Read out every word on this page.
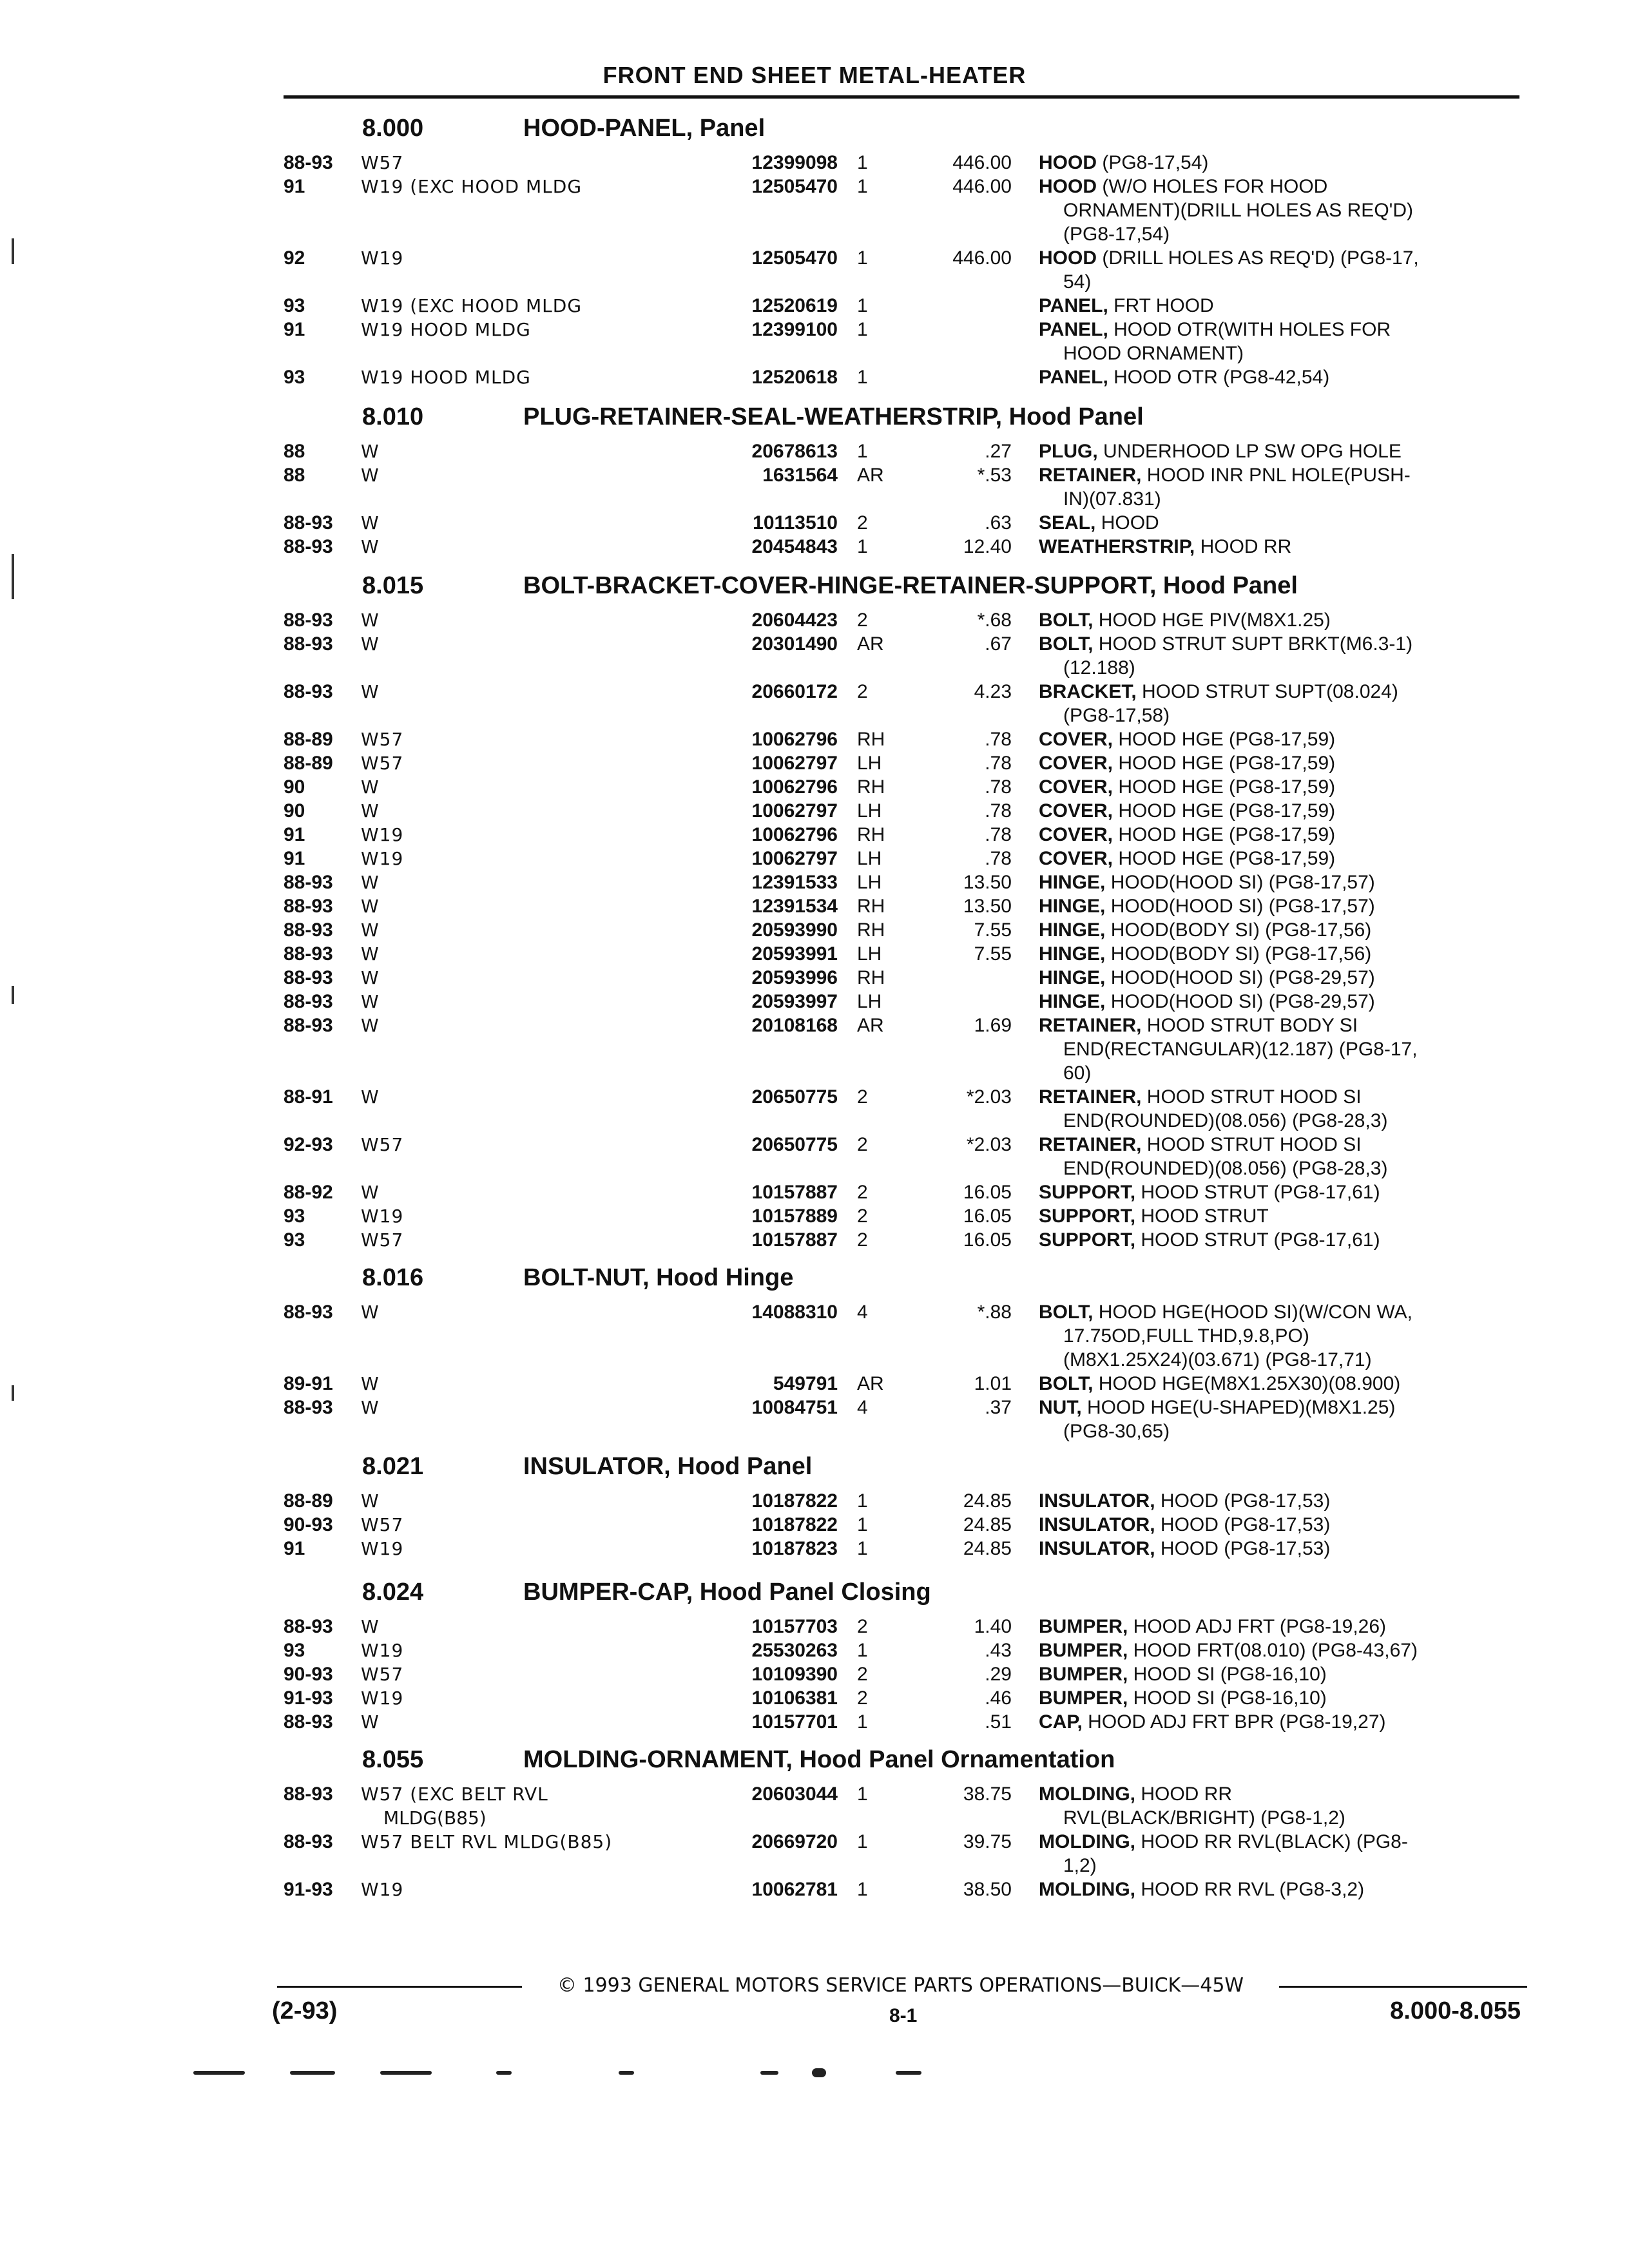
FRONT END SHEET METAL-HEATER
8.000	HOOD-PANEL, Panel
88-93	W57	12399098 1	446.00 HOOD (PG8-17,54)
91	W19 (EXC HOOD MLDG	12505470 1	446.00 HOOD (W/O HOLES FOR HOOD
ORNAMENT)(DRILL HOLES AS REQ'D)
(PG8-17,54)
92	W19	12505470 1	446.00 HOOD (DRILL HOLES AS REQ'D) (PG8-17,
54)
93	W19 (EXC HOOD MLDG	12520619 1	PANEL, FRT HOOD
91	W19 HOOD MLDG	12399100 1	PANEL, HOOD OTR(WITH HOLES FOR
HOOD ORNAMENT)
93	W19 HOOD MLDG	12520618 1	PANEL, HOOD OTR (PG8-42,54)
8.010	PLUG-RETAINER-SEAL-WEATHERSTRIP, Hood Panel
88	W	20678613 1	.27 PLUG, UNDERHOOD LP SW OPG HOLE
88	W	1631564 AR	*.53 RETAINER, HOOD INR PNL HOLE(PUSH-
IN)(07.831)
88-93	W	10113510 2	.63 SEAL, HOOD
88-93	W	20454843 1	12.40 WEATHERSTRIP, HOOD RR
8.015	BOLT-BRACKET-COVER-HINGE-RETAINER-SUPPORT, Hood Panel
88-93	W	20604423 2	*.68 BOLT, HOOD HGE PIV(M8X1.25)
88-93	W	20301490 AR	.67 BOLT, HOOD STRUT SUPT BRKT(M6.3-1)
(12.188)
88-93	W	20660172 2	4.23 BRACKET, HOOD STRUT SUPT(08.024)
(PG8-17,58)
88-89	W57	10062796 RH	.78 COVER, HOOD HGE (PG8-17,59)
88-89	W57	10062797 LH	.78 COVER, HOOD HGE (PG8-17,59)
90	W	10062796 RH	.78 COVER, HOOD HGE (PG8-17,59)
90	W	10062797 LH	.78 COVER, HOOD HGE (PG8-17,59)
91	W19	10062796 RH	.78 COVER, HOOD HGE (PG8-17,59)
91	W19	10062797 LH	.78 COVER, HOOD HGE (PG8-17,59)
88-93	W	12391533 LH	13.50 HINGE, HOOD(HOOD SI) (PG8-17,57)
88-93	W	12391534 RH	13.50 HINGE, HOOD(HOOD SI) (PG8-17,57)
88-93	W	20593990 RH	7.55 HINGE, HOOD(BODY SI) (PG8-17,56)
88-93	W	20593991 LH	7.55 HINGE, HOOD(BODY SI) (PG8-17,56)
88-93	W	20593996 RH	HINGE, HOOD(HOOD SI) (PG8-29,57)
88-93	W	20593997 LH	HINGE, HOOD(HOOD SI) (PG8-29,57)
88-93	W	20108168 AR	1.69 RETAINER, HOOD STRUT BODY SI
END(RECTANGULAR)(12.187) (PG8-17,
60)
88-91	W	20650775 2	*2.03 RETAINER, HOOD STRUT HOOD SI
END(ROUNDED)(08.056) (PG8-28,3)
92-93	W57	20650775 2	*2.03 RETAINER, HOOD STRUT HOOD SI
END(ROUNDED)(08.056) (PG8-28,3)
88-92	W	10157887 2	16.05 SUPPORT, HOOD STRUT (PG8-17,61)
93	W19	10157889 2	16.05 SUPPORT, HOOD STRUT
93	W57	10157887 2	16.05 SUPPORT, HOOD STRUT (PG8-17,61)
8.016	BOLT-NUT, Hood Hinge
88-93	W	14088310 4	*.88 BOLT, HOOD HGE(HOOD SI)(W/CON WA,
17.75OD,FULL THD,9.8,PO)
(M8X1.25X24)(03.671) (PG8-17,71)
89-91	W	549791 AR	1.01 BOLT, HOOD HGE(M8X1.25X30)(08.900)
88-93	W	10084751 4	.37 NUT, HOOD HGE(U-SHAPED)(M8X1.25)
(PG8-30,65)
8.021	INSULATOR, Hood Panel
88-89	W	10187822 1	24.85 INSULATOR, HOOD (PG8-17,53)
90-93	W57	10187822 1	24.85 INSULATOR, HOOD (PG8-17,53)
91	W19	10187823 1	24.85 INSULATOR, HOOD (PG8-17,53)
8.024	BUMPER-CAP, Hood Panel Closing
88-93	W	10157703 2	1.40 BUMPER, HOOD ADJ FRT (PG8-19,26)
93	W19	25530263 1	.43 BUMPER, HOOD FRT(08.010) (PG8-43,67)
90-93	W57	10109390 2	.29 BUMPER, HOOD SI (PG8-16,10)
91-93	W19	10106381 2	.46 BUMPER, HOOD SI (PG8-16,10)
88-93	W	10157701 1	.51 CAP, HOOD ADJ FRT BPR (PG8-19,27)
8.055	MOLDING-ORNAMENT, Hood Panel Ornamentation
88-93	W57 (EXC BELT RVL	20603044 1	38.75 MOLDING, HOOD RR
MLDG(B85)	RVL(BLACK/BRIGHT) (PG8-1,2)
88-93	W57 BELT RVL MLDG(B85)	20669720 1	39.75 MOLDING, HOOD RR RVL(BLACK) (PG8-
1,2)
91-93	W19	10062781 1	38.50 MOLDING, HOOD RR RVL (PG8-3,2)
© 1993 GENERAL MOTORS SERVICE PARTS OPERATIONS—BUICK—45W
(2-93)	8-1	8.000-8.055
